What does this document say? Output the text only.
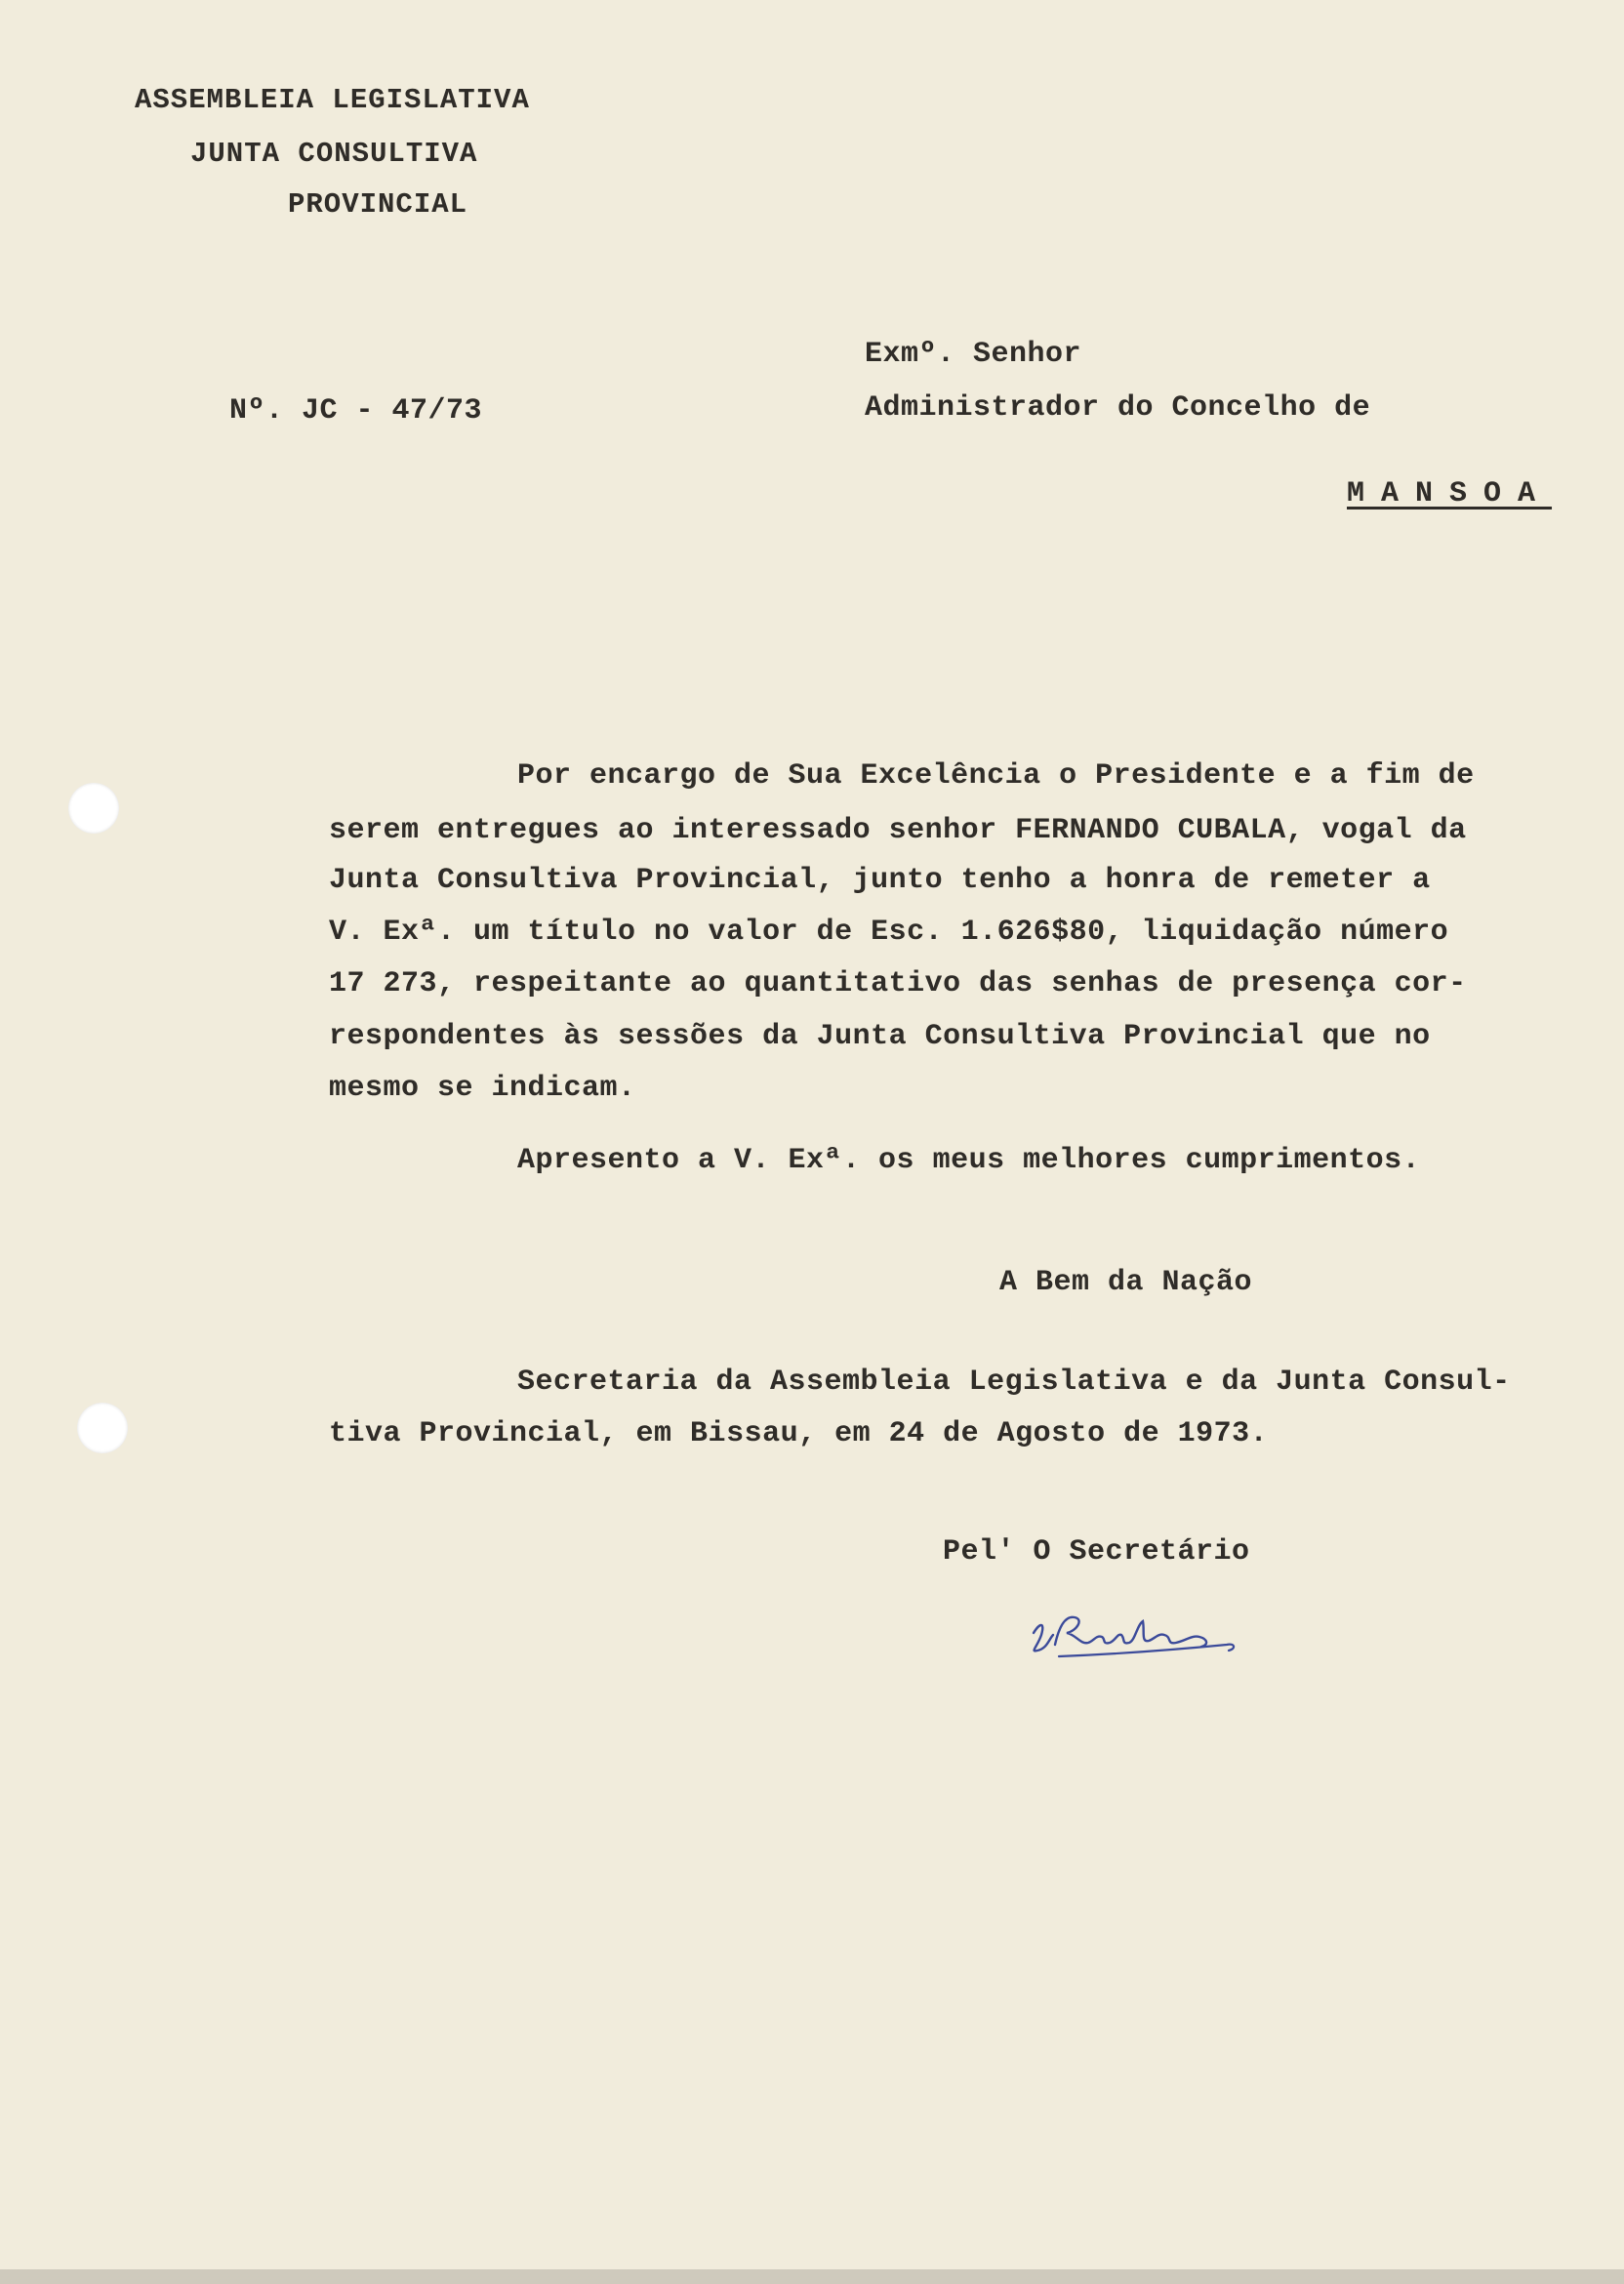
ASSEMBLEIA LEGISLATIVA
JUNTA CONSULTIVA
PROVINCIAL
Exmº. Senhor
Nº. JC - 47/73	Administrador do Concelho de
MANSOA
Por encargo de Sua Excelência o Presidente e a fim de
serem entregues ao interessado senhor FERNANDO CUBALA, vogal da
Junta Consultiva Provincial, junto tenho a honra de remeter a
V. Exª. um título no valor de Esc. 1.626$80, liquidação número
17 273, respeitante ao quantitativo das senhas de presença cor-
respondentes às sessões da Junta Consultiva Provincial que no
mesmo se indicam.
Apresento a V. Exª. os meus melhores cumprimentos.
A Bem da Nação
Secretaria da Assembleia Legislativa e da Junta Consul-
tiva Provincial, em Bissau, em 24 de Agosto de 1973.
Pel' O Secretário
